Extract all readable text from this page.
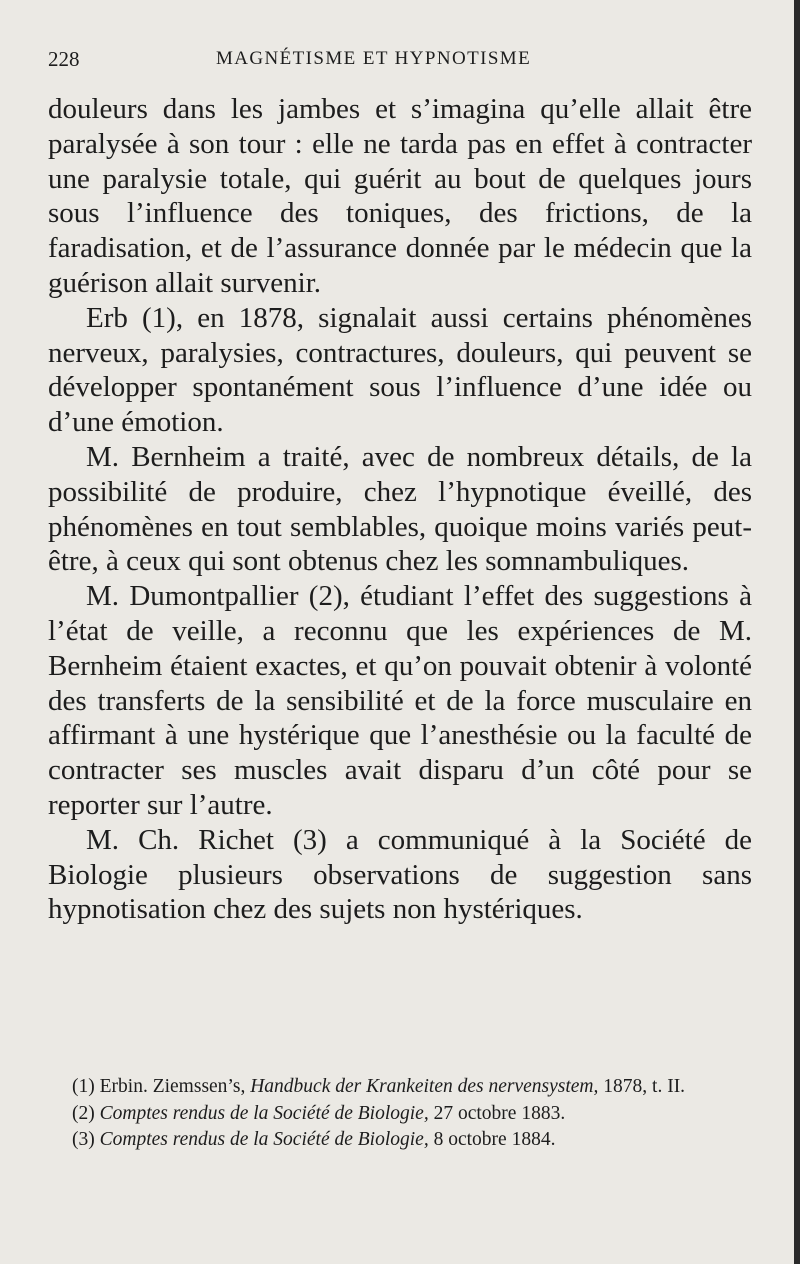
228	MAGNÉTISME ET HYPNOTISME

douleurs dans les jambes et s’imagina qu’elle allait être paralysée à son tour : elle ne tarda pas en effet à contracter une paralysie totale, qui guérit au bout de quelques jours sous l’influence des toniques, des frictions, de la faradisation, et de l’assurance donnée par le médecin que la guérison allait survenir.

Erb (1), en 1878, signalait aussi certains phénomènes nerveux, paralysies, contractures, douleurs, qui peuvent se développer spontanément sous l’influence d’une idée ou d’une émotion.

M. Bernheim a traité, avec de nombreux détails, de la possibilité de produire, chez l’hypnotique éveillé, des phénomènes en tout semblables, quoique moins variés peut-être, à ceux qui sont obtenus chez les somnambuliques.

M. Dumontpallier (2), étudiant l’effet des suggestions à l’état de veille, a reconnu que les expériences de M. Bernheim étaient exactes, et qu’on pouvait obtenir à volonté des transferts de la sensibilité et de la force musculaire en affirmant à une hystérique que l’anesthésie ou la faculté de contracter ses muscles avait disparu d’un côté pour se reporter sur l’autre.

M. Ch. Richet (3) a communiqué à la Société de Biologie plusieurs observations de suggestion sans hypnotisation chez des sujets non hystériques.

(1) Erbin. Ziemssen’s, Handbuck der Krankeiten des nervensystem, 1878, t. II.

(2) Comptes rendus de la Société de Biologie, 27 octobre 1883.

(3) Comptes rendus de la Société de Biologie, 8 octobre 1884.
